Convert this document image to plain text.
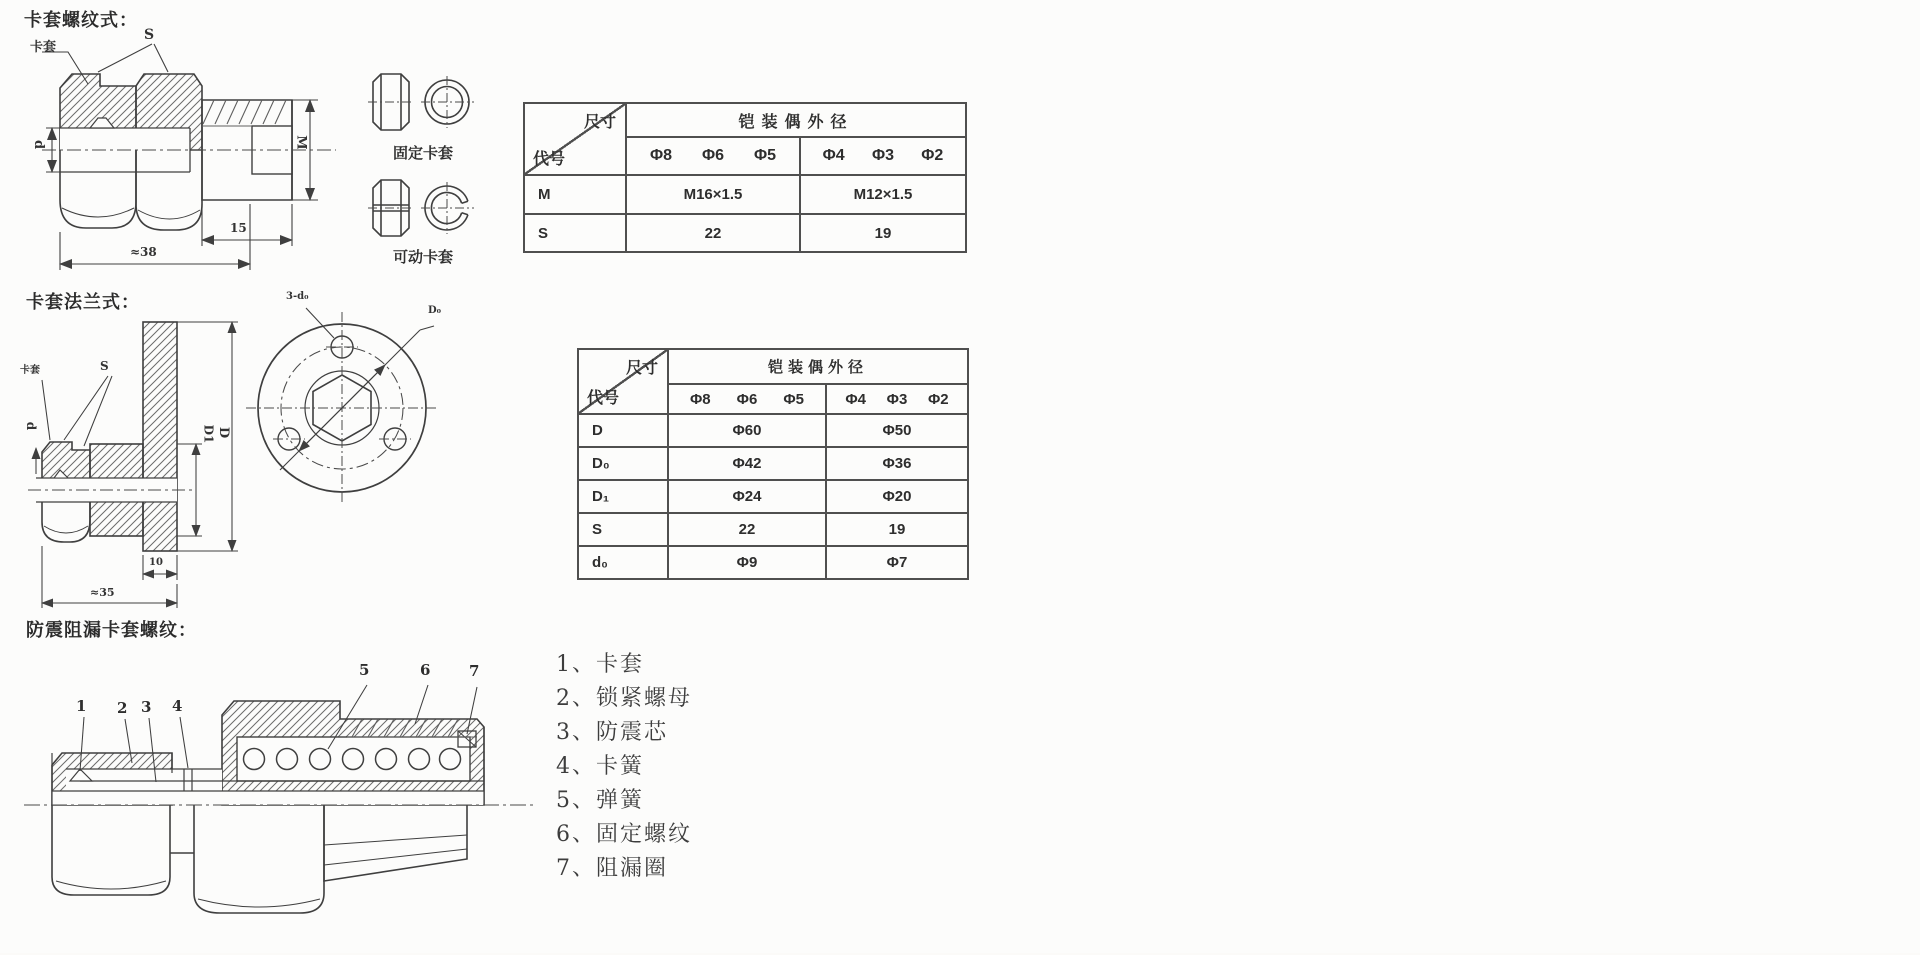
卡套螺纹式：
卡套
S
d	M
15
≈38
固定卡套
可动卡套
尺寸
代号
铠装偶外径
Φ8 Φ6 Φ5	Φ4 Φ3 Φ2
M	M16×1.5	M12×1.5
S	22	19
卡套法兰式：
卡套	S
d	D1 D
10
≈35
3-d₀
D₀
尺寸
代号
铠装偶外径
Φ8 Φ6 Φ5	Φ4 Φ3 Φ2
D	Φ60	Φ50
D₀	Φ42	Φ36
D₁	Φ24	Φ20
S	22	19
d₀	Φ9	Φ7
防震阻漏卡套螺纹：
1 2 3 4
5	6	7	1、卡套
2、锁紧螺母
3、防震芯
4、卡簧
5、弹簧
6、固定螺纹
7、阻漏圈
